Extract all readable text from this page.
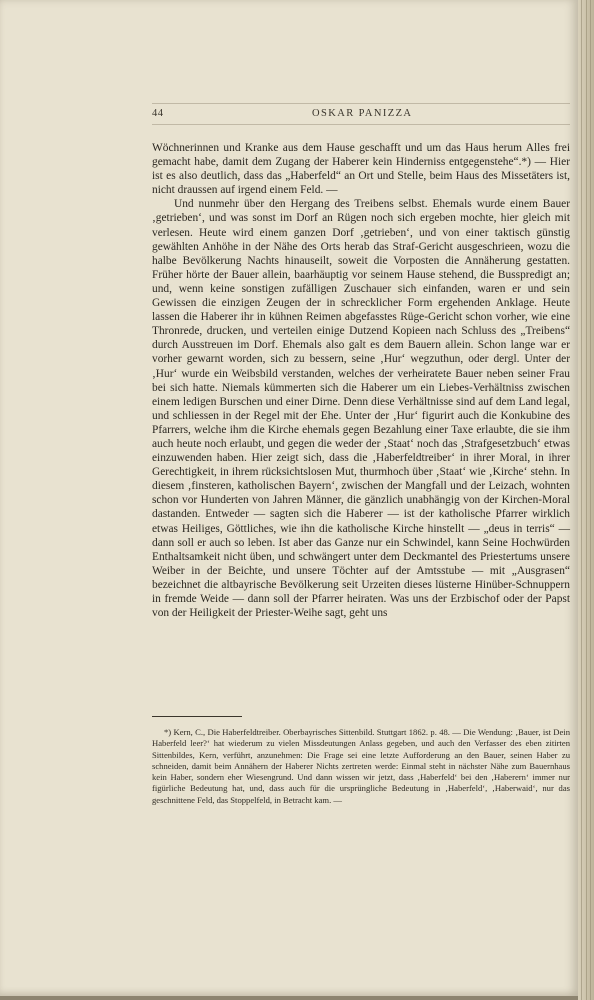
44	OSKAR PANIZZA

Wöchnerinnen und Kranke aus dem Hause geschafft und um das Haus herum Alles frei gemacht habe, damit dem Zugang der Haberer kein Hinderniss entgegenstehe“.*) — Hier ist es also deutlich, dass das „Haberfeld“ an Ort und Stelle, beim Haus des Missetäters ist, nicht draussen auf irgend einem Feld. —

Und nunmehr über den Hergang des Treibens selbst. Ehemals wurde einem Bauer ‚getrieben‘, und was sonst im Dorf an Rügen noch sich ergeben mochte, hier gleich mit verlesen. Heute wird einem ganzen Dorf ‚getrieben‘, und von einer taktisch günstig gewählten Anhöhe in der Nähe des Orts herab das Straf-Gericht ausgeschrieen, wozu die halbe Bevölkerung Nachts hinauseilt, soweit die Vorposten die Annäherung gestatten. Früher hörte der Bauer allein, baarhäuptig vor seinem Hause stehend, die Busspredigt an; und, wenn keine sonstigen zufälligen Zuschauer sich einfanden, waren er und sein Gewissen die einzigen Zeugen der in schrecklicher Form ergehenden Anklage. Heute lassen die Haberer ihr in kühnen Reimen abgefasstes Rüge-Gericht schon vorher, wie eine Thronrede, drucken, und verteilen einige Dutzend Kopieen nach Schluss des „Treibens“ durch Ausstreuen im Dorf. Ehemals also galt es dem Bauern allein. Schon lange war er vorher gewarnt worden, sich zu bessern, seine ‚Hur‘ wegzuthun, oder dergl. Unter der ‚Hur‘ wurde ein Weibsbild verstanden, welches der verheiratete Bauer neben seiner Frau bei sich hatte. Niemals kümmerten sich die Haberer um ein Liebes-Verhältniss zwischen einem ledigen Burschen und einer Dirne. Denn diese Verhältnisse sind auf dem Land legal, und schliessen in der Regel mit der Ehe. Unter der ‚Hur‘ figurirt auch die Konkubine des Pfarrers, welche ihm die Kirche ehemals gegen Bezahlung einer Taxe erlaubte, die sie ihm auch heute noch erlaubt, und gegen die weder der ‚Staat‘ noch das ‚Strafgesetzbuch‘ etwas einzuwenden haben. Hier zeigt sich, dass die ‚Haberfeldtreiber‘ in ihrer Moral, in ihrer Gerechtigkeit, in ihrem rücksichtslosen Mut, thurmhoch über ‚Staat‘ wie ‚Kirche‘ stehn. In diesem ‚finsteren, katholischen Bayern‘, zwischen der Mangfall und der Leizach, wohnten schon vor Hunderten von Jahren Männer, die gänzlich unabhängig von der Kirchen-Moral dastanden. Entweder — sagten sich die Haberer — ist der katholische Pfarrer wirklich etwas Heiliges, Göttliches, wie ihn die katholische Kirche hinstellt — „deus in terris“ — dann soll er auch so leben. Ist aber das Ganze nur ein Schwindel, kann Seine Hochwürden Enthaltsamkeit nicht üben, und schwängert unter dem Deckmantel des Priestertums unsere Weiber in der Beichte, und unsere Töchter auf der Amtsstube — mit „Ausgrasen“ bezeichnet die altbayrische Bevölkerung seit Urzeiten dieses lüsterne Hinüber-Schnuppern in fremde Weide — dann soll der Pfarrer heiraten. Was uns der Erzbischof oder der Papst von der Heiligkeit der Priester-Weihe sagt, geht uns

*) Kern, C., Die Haberfeldtreiber. Oberbayrisches Sittenbild. Stuttgart 1862. p. 48. — Die Wendung: ‚Bauer, ist Dein Haberfeld leer?‘ hat wiederum zu vielen Missdeutungen Anlass gegeben, und auch den Verfasser des eben zitirten Sittenbildes, Kern, verführt, anzunehmen: Die Frage sei eine letzte Aufforderung an den Bauer, seinen Haber zu schneiden, damit beim Annähern der Haberer Nichts zertreten werde: Einmal steht in nächster Nähe zum Bauernhaus kein Haber, sondern eher Wiesengrund. Und dann wissen wir jetzt, dass ‚Haberfeld‘ bei den ‚Haberern‘ immer nur figürliche Bedeutung hat, und, dass auch für die ursprüngliche Bedeutung in ‚Haberfeld‘, ‚Haberwaid‘, nur das geschnittene Feld, das Stoppelfeld, in Betracht kam. —
